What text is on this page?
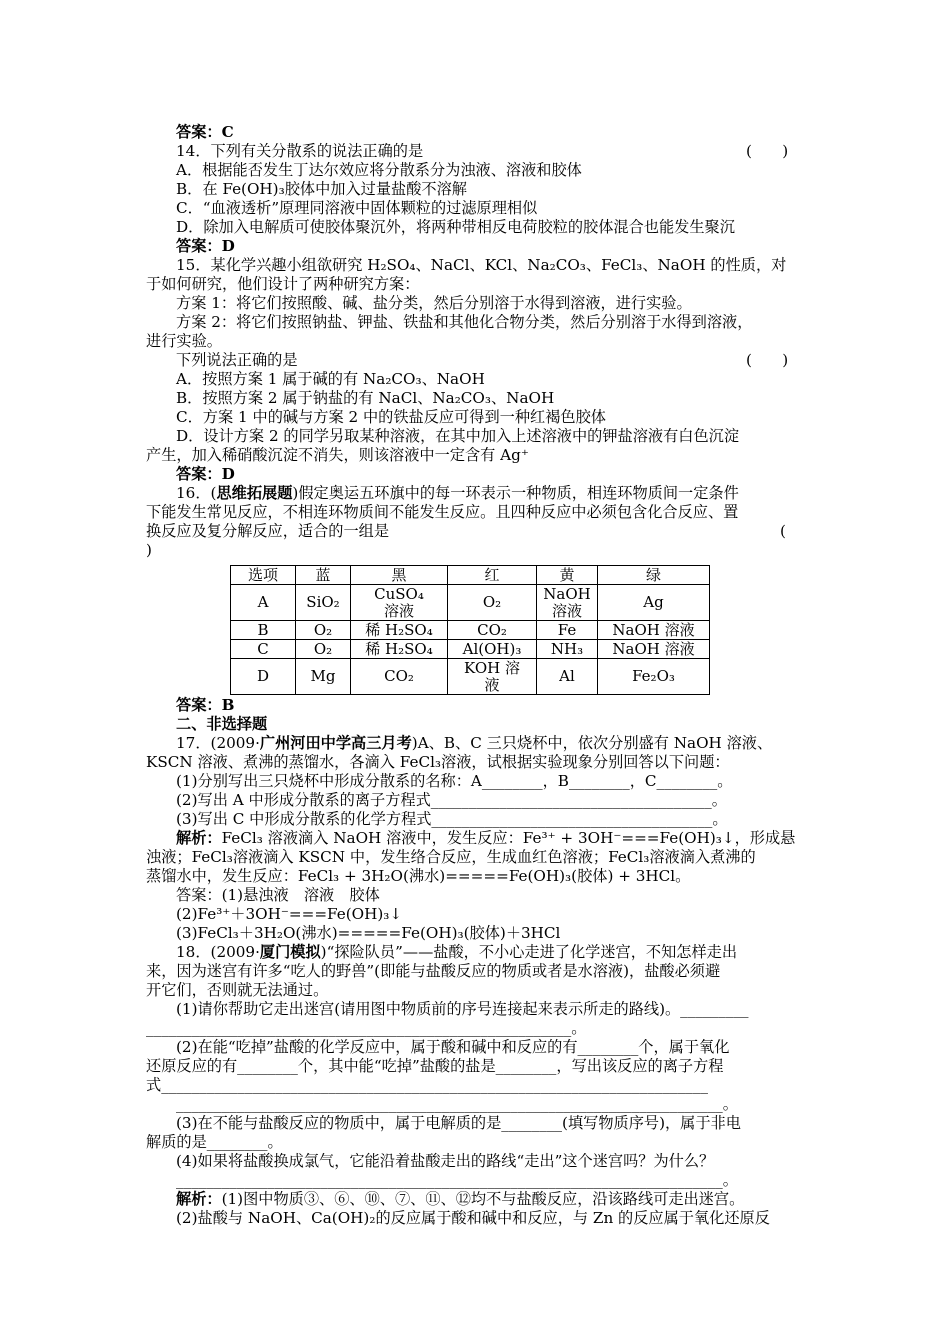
答案：C
14．下列有关分散系的说法正确的是	(　　)
A．根据能否发生丁达尔效应将分散系分为浊液、溶液和胶体
B．在 Fe(OH)₃胶体中加入过量盐酸不溶解
C．“血液透析”原理同溶液中固体颗粒的过滤原理相似
D．除加入电解质可使胶体聚沉外，将两种带相反电荷胶粒的胶体混合也能发生聚沉
答案：D
15．某化学兴趣小组欲研究 H₂SO₄、NaCl、KCl、Na₂CO₃、FeCl₃、NaOH 的性质，对
于如何研究，他们设计了两种研究方案：
方案 1：将它们按照酸、碱、盐分类，然后分别溶于水得到溶液，进行实验。
方案 2：将它们按照钠盐、钾盐、铁盐和其他化合物分类，然后分别溶于水得到溶液，
进行实验。
下列说法正确的是	(　　)
A．按照方案 1 属于碱的有 Na₂CO₃、NaOH
B．按照方案 2 属于钠盐的有 NaCl、Na₂CO₃、NaOH
C．方案 1 中的碱与方案 2 中的铁盐反应可得到一种红褐色胶体
D．设计方案 2 的同学另取某种溶液，在其中加入上述溶液中的钾盐溶液有白色沉淀
产生，加入稀硝酸沉淀不消失，则该溶液中一定含有 Ag⁺
答案：D
16．(思维拓展题)假定奥运五环旗中的每一环表示一种物质，相连环物质间一定条件
下能发生常见反应，不相连环物质间不能发生反应。且四种反应中必须包含化合反应、置
换反应及复分解反应，适合的一组是	(
)
选项	蓝	黑	红	黄	绿
A	SiO₂	CuSO₄
溶液	O₂	NaOH
溶液	Ag
B	O₂	稀 H₂SO₄	CO₂	Fe	NaOH 溶液
C	O₂	稀 H₂SO₄	Al(OH)₃	NH₃	NaOH 溶液
D	Mg	CO₂	KOH 溶
液	Al	Fe₂O₃
答案：B
二、非选择题
17．(2009·广州河田中学高三月考)A、B、C 三只烧杯中，依次分别盛有 NaOH 溶液、
KSCN 溶液、煮沸的蒸馏水，各滴入 FeCl₃溶液，试根据实验现象分别回答以下问题：
(1)分别写出三只烧杯中形成分散系的名称：A________，B________，C________。
(2)写出 A 中形成分散系的离子方程式_____________________________________。
(3)写出 C 中形成分散系的化学方程式_____________________________________。
解析：FeCl₃ 溶液滴入 NaOH 溶液中，发生反应：Fe³⁺ + 3OH⁻===Fe(OH)₃↓，形成悬
浊液；FeCl₃溶液滴入 KSCN 中，发生络合反应，生成血红色溶液；FeCl₃溶液滴入煮沸的
蒸馏水中，发生反应：FeCl₃ + 3H₂O(沸水)=====Fe(OH)₃(胶体) + 3HCl。
答案：(1)悬浊液　溶液　胶体
(2)Fe³⁺＋3OH⁻===Fe(OH)₃↓
(3)FeCl₃＋3H₂O(沸水)=====Fe(OH)₃(胶体)＋3HCl
18．(2009·厦门模拟)“探险队员”——盐酸，不小心走进了化学迷宫，不知怎样走出
来，因为迷宫有许多“吃人的野兽”(即能与盐酸反应的物质或者是水溶液)，盐酸必须避
开它们，否则就无法通过。
(1)请你帮助它走出迷宫(请用图中物质前的序号连接起来表示所走的路线)。_________
________________________________________________________。
(2)在能“吃掉”盐酸的化学反应中，属于酸和碱中和反应的有________个，属于氧化
还原反应的有________个，其中能“吃掉”盐酸的盐是________，写出该反应的离子方程
式________________________________________________________________________
________________________________________________________________________。
(3)在不能与盐酸反应的物质中，属于电解质的是________(填写物质序号)，属于非电
解质的是________。
(4)如果将盐酸换成氯气，它能沿着盐酸走出的路线“走出”这个迷宫吗？为什么？
________________________________________________________________________。
解析：(1)图中物质③、⑥、⑩、⑦、⑪、⑫均不与盐酸反应，沿该路线可走出迷宫。
(2)盐酸与 NaOH、Ca(OH)₂的反应属于酸和碱中和反应，与 Zn 的反应属于氧化还原反
